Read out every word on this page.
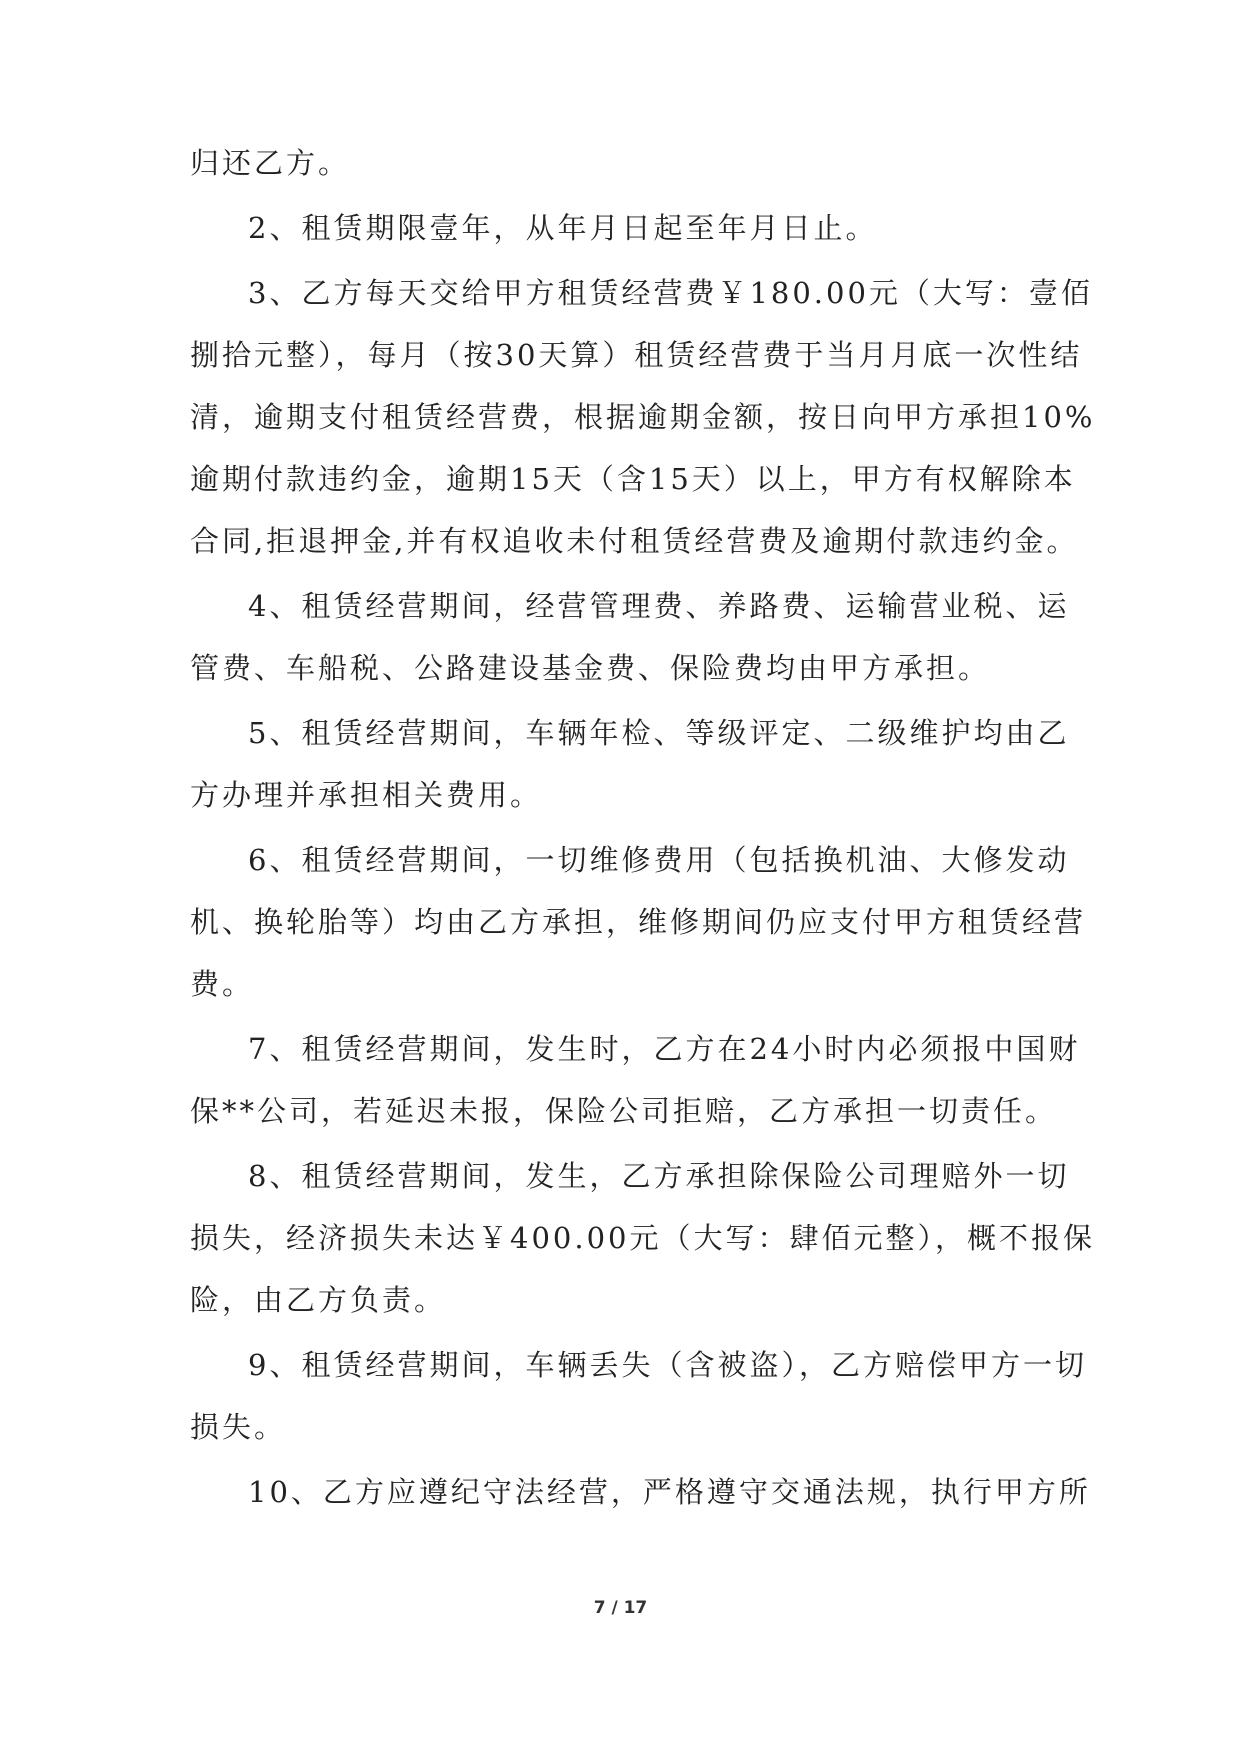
归还乙方。
2、租赁期限壹年，从年月日起至年月日止。
3、乙方每天交给甲方租赁经营费￥180.00元（大写：壹佰
捌拾元整），每月（按30天算）租赁经营费于当月月底一次性结
清，逾期支付租赁经营费，根据逾期金额，按日向甲方承担10%
逾期付款违约金，逾期15天（含15天）以上，甲方有权解除本
合同,拒退押金,并有权追收未付租赁经营费及逾期付款违约金。
4、租赁经营期间，经营管理费、养路费、运输营业税、运
管费、车船税、公路建设基金费、保险费均由甲方承担。
5、租赁经营期间，车辆年检、等级评定、二级维护均由乙
方办理并承担相关费用。
6、租赁经营期间，一切维修费用（包括换机油、大修发动
机、换轮胎等）均由乙方承担，维修期间仍应支付甲方租赁经营
费。
7、租赁经营期间，发生时，乙方在24小时内必须报中国财
保**公司，若延迟未报，保险公司拒赔，乙方承担一切责任。
8、租赁经营期间，发生，乙方承担除保险公司理赔外一切
损失，经济损失未达￥400.00元（大写：肆佰元整），概不报保
险，由乙方负责。
9、租赁经营期间，车辆丢失（含被盗），乙方赔偿甲方一切
损失。
10、乙方应遵纪守法经营，严格遵守交通法规，执行甲方所
7 / 17
